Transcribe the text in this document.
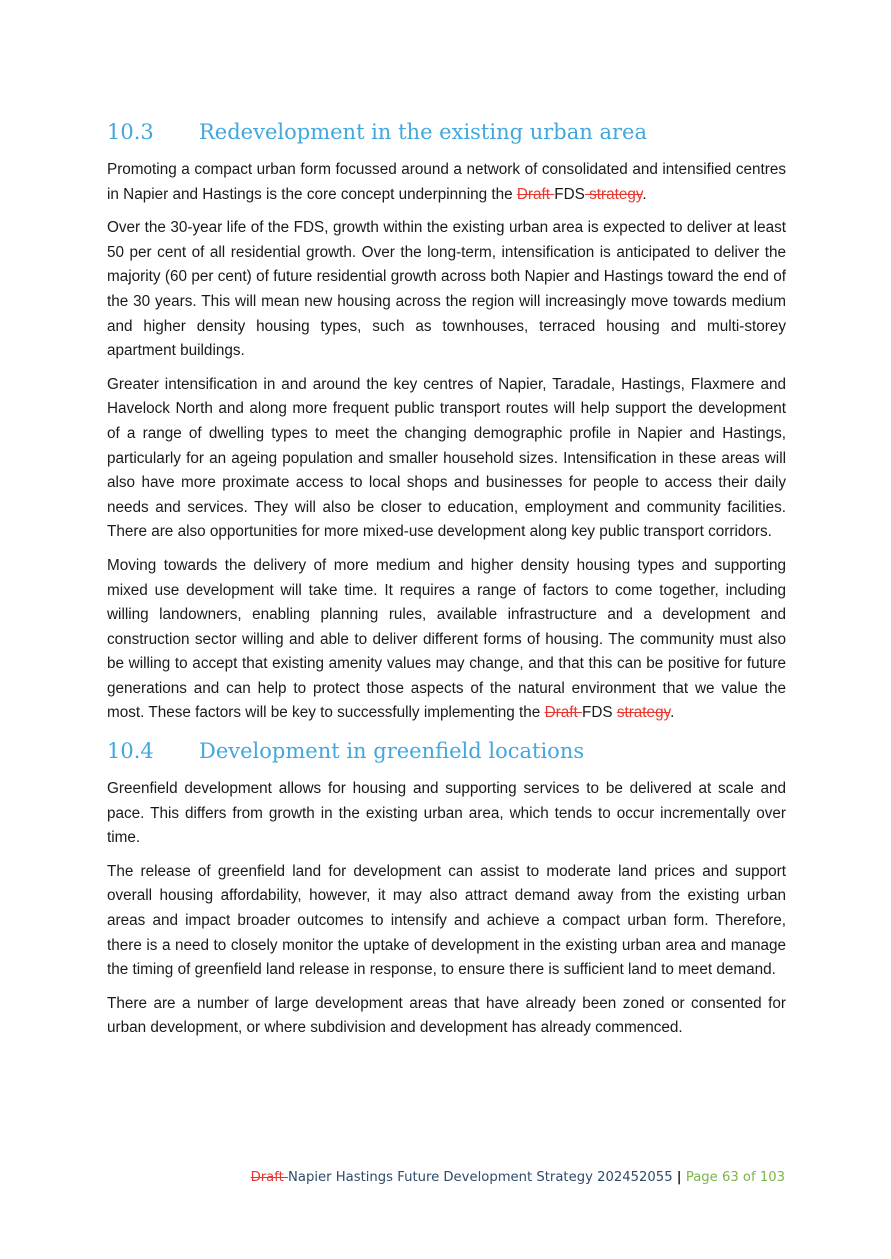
10.3 Redevelopment in the existing urban area

Promoting a compact urban form focussed around a network of consolidated and intensified centres in Napier and Hastings is the core concept underpinning the Draft FDS strategy.

Over the 30-year life of the FDS, growth within the existing urban area is expected to deliver at least 50 per cent of all residential growth. Over the long-term, intensification is anticipated to deliver the majority (60 per cent) of future residential growth across both Napier and Hastings toward the end of the 30 years. This will mean new housing across the region will increasingly move towards medium and higher density housing types, such as townhouses, terraced housing and multi-storey apartment buildings.

Greater intensification in and around the key centres of Napier, Taradale, Hastings, Flaxmere and Havelock North and along more frequent public transport routes will help support the development of a range of dwelling types to meet the changing demographic profile in Napier and Hastings, particularly for an ageing population and smaller household sizes. Intensification in these areas will also have more proximate access to local shops and businesses for people to access their daily needs and services. They will also be closer to education, employment and community facilities. There are also opportunities for more mixed-use development along key public transport corridors.

Moving towards the delivery of more medium and higher density housing types and supporting mixed use development will take time. It requires a range of factors to come together, including willing landowners, enabling planning rules, available infrastructure and a development and construction sector willing and able to deliver different forms of housing. The community must also be willing to accept that existing amenity values may change, and that this can be positive for future generations and can help to protect those aspects of the natural environment that we value the most. These factors will be key to successfully implementing the Draft FDS strategy.

10.4 Development in greenfield locations

Greenfield development allows for housing and supporting services to be delivered at scale and pace. This differs from growth in the existing urban area, which tends to occur incrementally over time.

The release of greenfield land for development can assist to moderate land prices and support overall housing affordability, however, it may also attract demand away from the existing urban areas and impact broader outcomes to intensify and achieve a compact urban form. Therefore, there is a need to closely monitor the uptake of development in the existing urban area and manage the timing of greenfield land release in response, to ensure there is sufficient land to meet demand.

There are a number of large development areas that have already been zoned or consented for urban development, or where subdivision and development has already commenced.

Draft Napier Hastings Future Development Strategy 202452055 | Page 63 of 103
